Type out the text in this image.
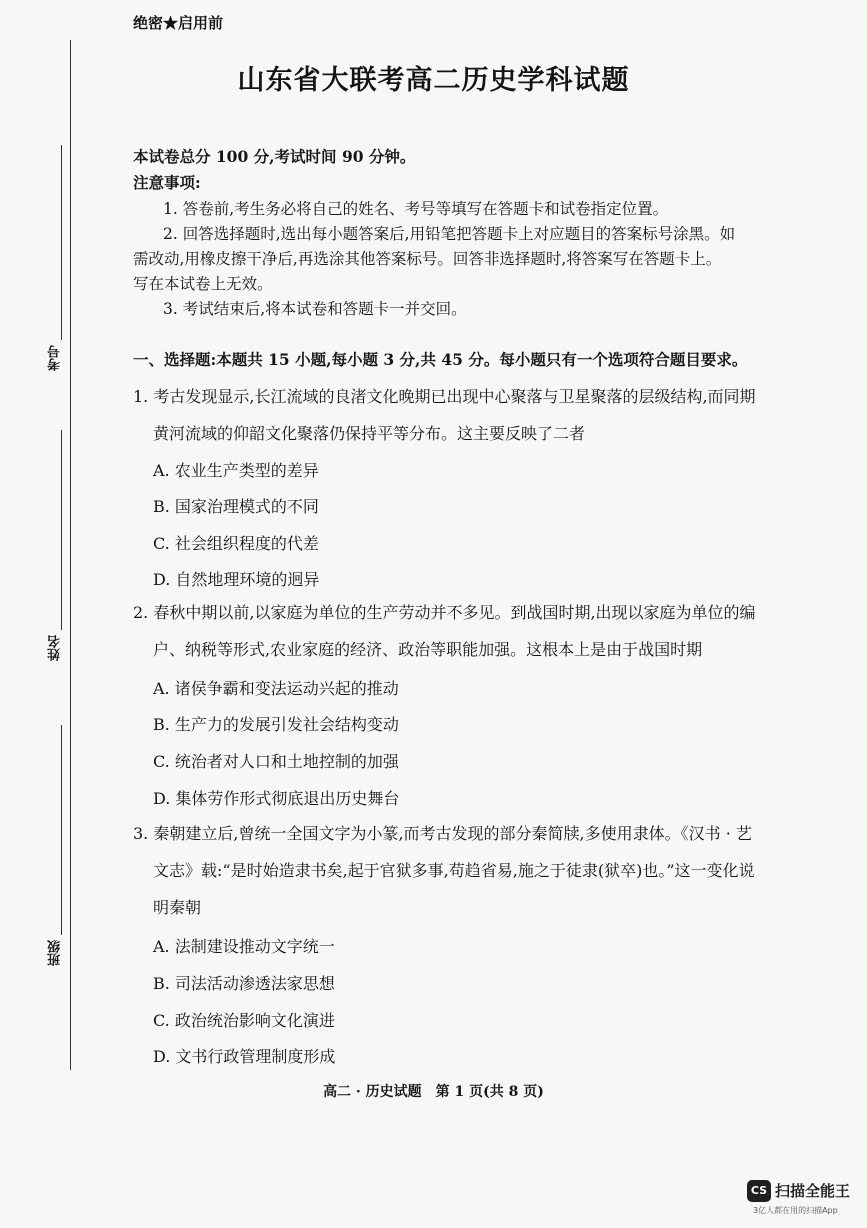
绝密★启用前
山东省大联考高二历史学科试题
考号
姓名
班级
本试卷总分 100 分,考试时间 90 分钟。
注意事项:
1. 答卷前,考生务必将自己的姓名、考号等填写在答题卡和试卷指定位置。
2. 回答选择题时,选出每小题答案后,用铅笔把答题卡上对应题目的答案标号涂黑。如
需改动,用橡皮擦干净后,再选涂其他答案标号。回答非选择题时,将答案写在答题卡上。
写在本试卷上无效。
3. 考试结束后,将本试卷和答题卡一并交回。
一、选择题:本题共 15 小题,每小题 3 分,共 45 分。每小题只有一个选项符合题目要求。
1. 考古发现显示,长江流域的良渚文化晚期已出现中心聚落与卫星聚落的层级结构,而同期
黄河流域的仰韶文化聚落仍保持平等分布。这主要反映了二者
A. 农业生产类型的差异
B. 国家治理模式的不同
C. 社会组织程度的代差
D. 自然地理环境的迥异
2. 春秋中期以前,以家庭为单位的生产劳动并不多见。到战国时期,出现以家庭为单位的编
户、纳税等形式,农业家庭的经济、政治等职能加强。这根本上是由于战国时期
A. 诸侯争霸和变法运动兴起的推动
B. 生产力的发展引发社会结构变动
C. 统治者对人口和土地控制的加强
D. 集体劳作形式彻底退出历史舞台
3. 秦朝建立后,曾统一全国文字为小篆,而考古发现的部分秦简牍,多使用隶体。《汉书 · 艺
文志》载:“是时始造隶书矣,起于官狱多事,苟趋省易,施之于徒隶(狱卒)也。”这一变化说
明秦朝
A. 法制建设推动文字统一
B. 司法活动渗透法家思想
C. 政治统治影响文化演进
D. 文书行政管理制度形成
高二 · 历史试题　第 1 页(共 8 页)
CS 扫描全能王
3亿人都在用的扫描App
